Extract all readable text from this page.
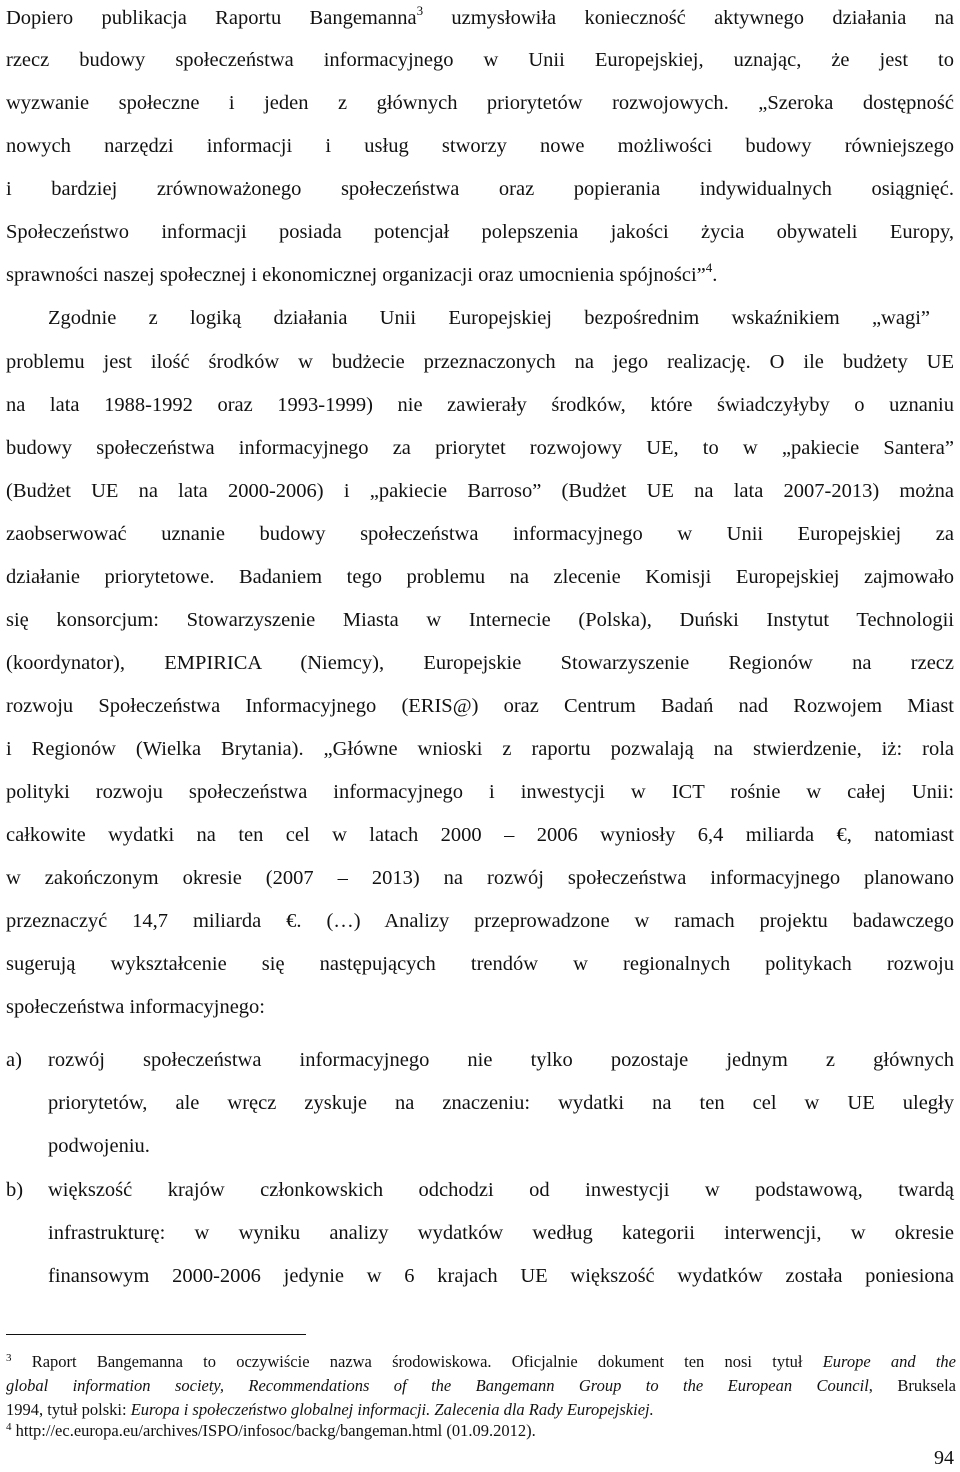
Dopiero publikacja Raportu Bangemanna$^3$ uzmysłowiła konieczność aktywnego działania na
rzecz budowy społeczeństwa informacyjnego w Unii Europejskiej, uznając, że jest to
wyzwanie społeczne i jeden z głównych priorytetów rozwojowych. „Szeroka dostępność
nowych narzędzi informacji i usług stworzy nowe możliwości budowy równiejszego
i bardziej zrównoważonego społeczeństwa oraz popierania indywidualnych osiągnięć.
Społeczeństwo informacji posiada potencjał polepszenia jakości życia obywateli Europy,
sprawności naszej społecznej i ekonomicznej organizacji oraz umocnienia spójności”$^4$.
Zgodnie z logiką działania Unii Europejskiej bezpośrednim wskaźnikiem „wagi”
problemu jest ilość środków w budżecie przeznaczonych na jego realizację. O ile budżety UE
na lata 1988-1992 oraz 1993-1999) nie zawierały środków, które świadczyłyby o uznaniu
budowy społeczeństwa informacyjnego za priorytet rozwojowy UE, to w „pakiecie Santera”
(Budżet UE na lata 2000-2006) i „pakiecie Barroso” (Budżet UE na lata 2007-2013) można
zaobserwować uznanie budowy społeczeństwa informacyjnego w Unii Europejskiej za
działanie priorytetowe. Badaniem tego problemu na zlecenie Komisji Europejskiej zajmowało
się konsorcjum: Stowarzyszenie Miasta w Internecie (Polska), Duński Instytut Technologii
(koordynator), EMPIRICA (Niemcy), Europejskie Stowarzyszenie Regionów na rzecz
rozwoju Społeczeństwa Informacyjnego (ERIS@) oraz Centrum Badań nad Rozwojem Miast
i Regionów (Wielka Brytania). „Główne wnioski z raportu pozwalają na stwierdzenie, iż: rola
polityki rozwoju społeczeństwa informacyjnego i inwestycji w ICT rośnie w całej Unii:
całkowite wydatki na ten cel w latach 2000 – 2006 wyniosły 6,4 miliarda €, natomiast
w zakończonym okresie (2007 – 2013) na rozwój społeczeństwa informacyjnego planowano
przeznaczyć 14,7 miliarda €. (…) Analizy przeprowadzone w ramach projektu badawczego
sugerują wykształcenie się następujących trendów w regionalnych politykach rozwoju
społeczeństwa informacyjnego:
a) rozwój społeczeństwa informacyjnego nie tylko pozostaje jednym z głównych
priorytetów, ale wręcz zyskuje na znaczeniu: wydatki na ten cel w UE uległy
podwojeniu.
b) większość krajów członkowskich odchodzi od inwestycji w podstawową, twardą
infrastrukturę: w wyniku analizy wydatków według kategorii interwencji, w okresie
finansowym 2000-2006 jedynie w 6 krajach UE większość wydatków została poniesiona
$^3$ Raport Bangemanna to oczywiście nazwa środowiskowa. Oficjalnie dokument ten nosi tytuł Europe and the
global information society, Recommendations of the Bangemann Group to the European Council, Bruksela
1994, tytuł polski: Europa i społeczeństwo globalnej informacji. Zalecenia dla Rady Europejskiej.
$^4$ http://ec.europa.eu/archives/ISPO/infosoc/backg/bangeman.html (01.09.2012).
94
